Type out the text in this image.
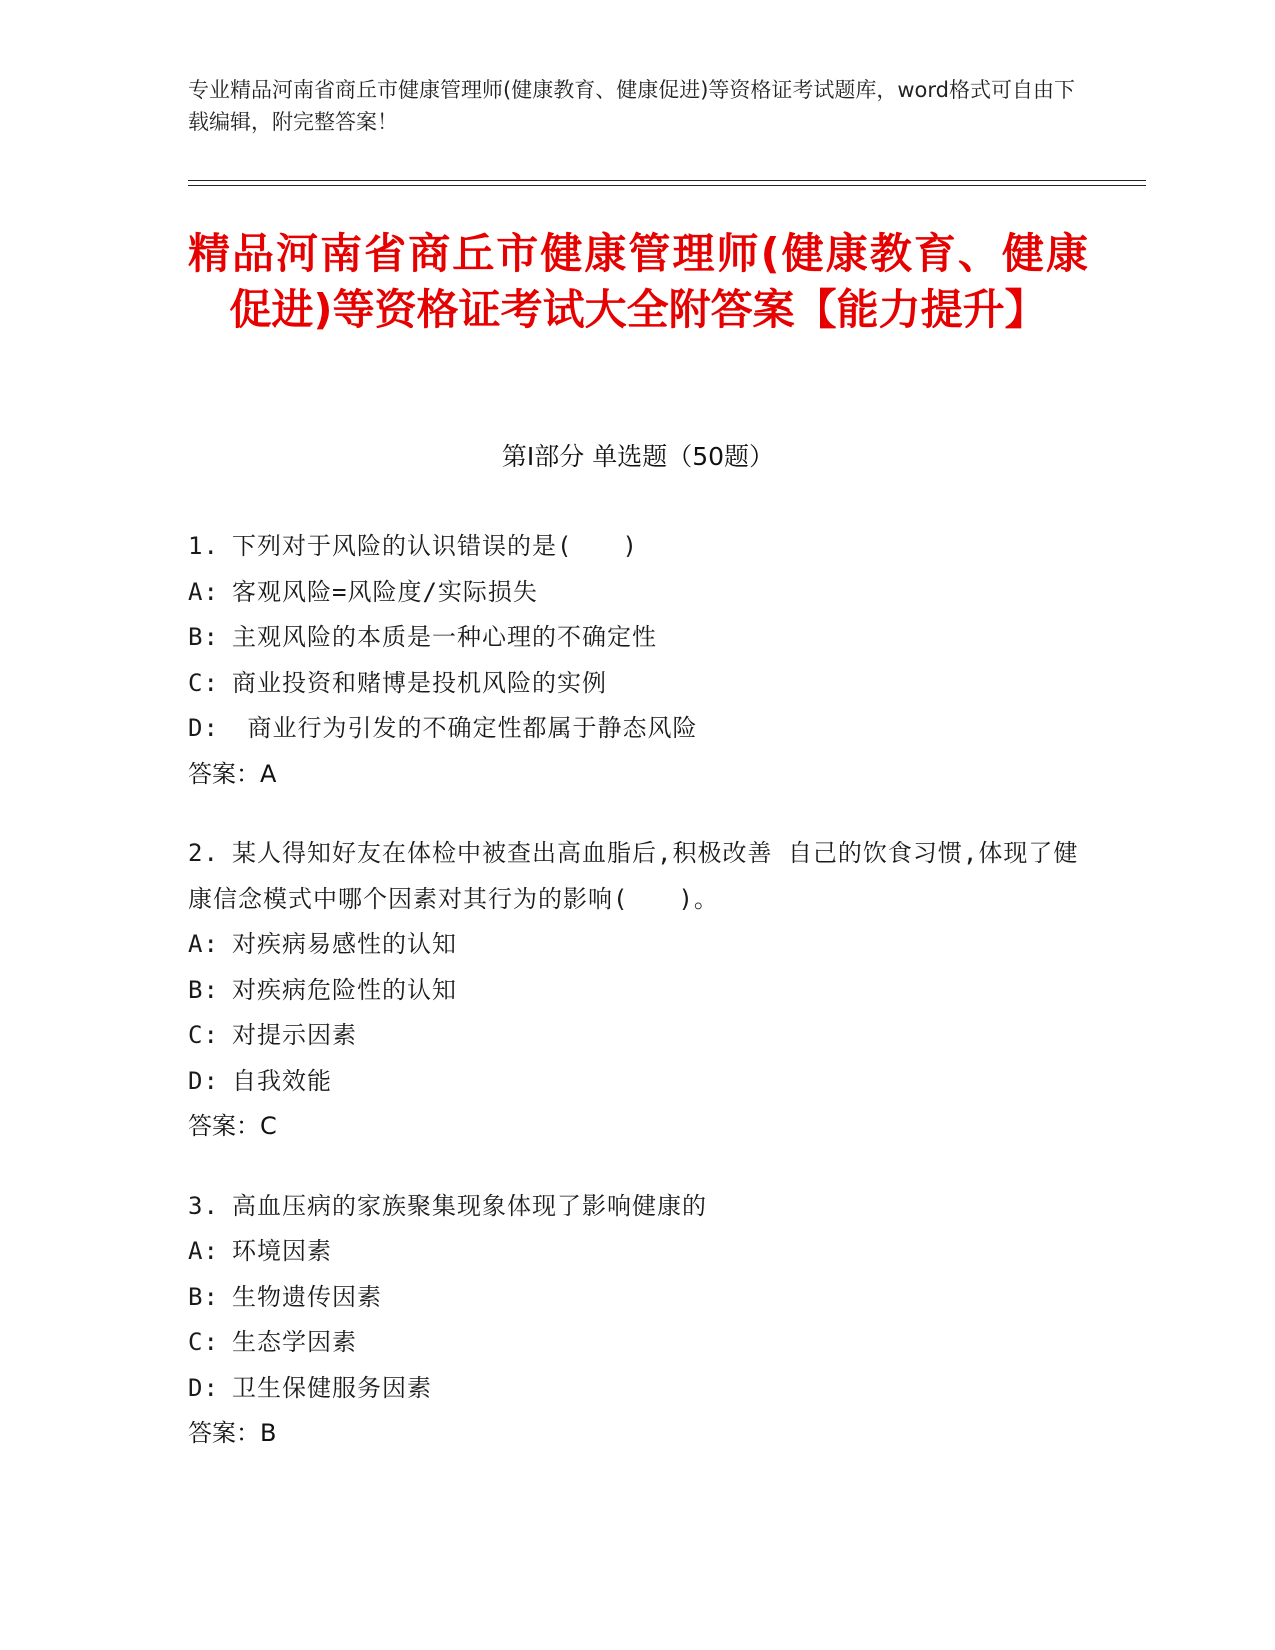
专业精品河南省商丘市健康管理师(健康教育、健康促进)等资格证考试题库，word格式可自由下载编辑，附完整答案！

精品河南省商丘市健康管理师(健康教育、健康促进)等资格证考试大全附答案【能力提升】
第Ⅰ部分 单选题（50题）

1. 下列对于风险的认识错误的是(　　)

A: 客观风险=风险度/实际损失

B: 主观风险的本质是一种心理的不确定性

C: 商业投资和赌博是投机风险的实例

D: 商业行为引发的不确定性都属于静态风险

答案：A

2. 某人得知好友在体检中被查出高血脂后,积极改善 自己的饮食习惯,体现了健康信念模式中哪个因素对其行为的影响(　　)。

A: 对疾病易感性的认知

B: 对疾病危险性的认知

C: 对提示因素

D: 自我效能

答案：C

3. 高血压病的家族聚集现象体现了影响健康的

A: 环境因素

B: 生物遗传因素

C: 生态学因素

D: 卫生保健服务因素

答案：B
